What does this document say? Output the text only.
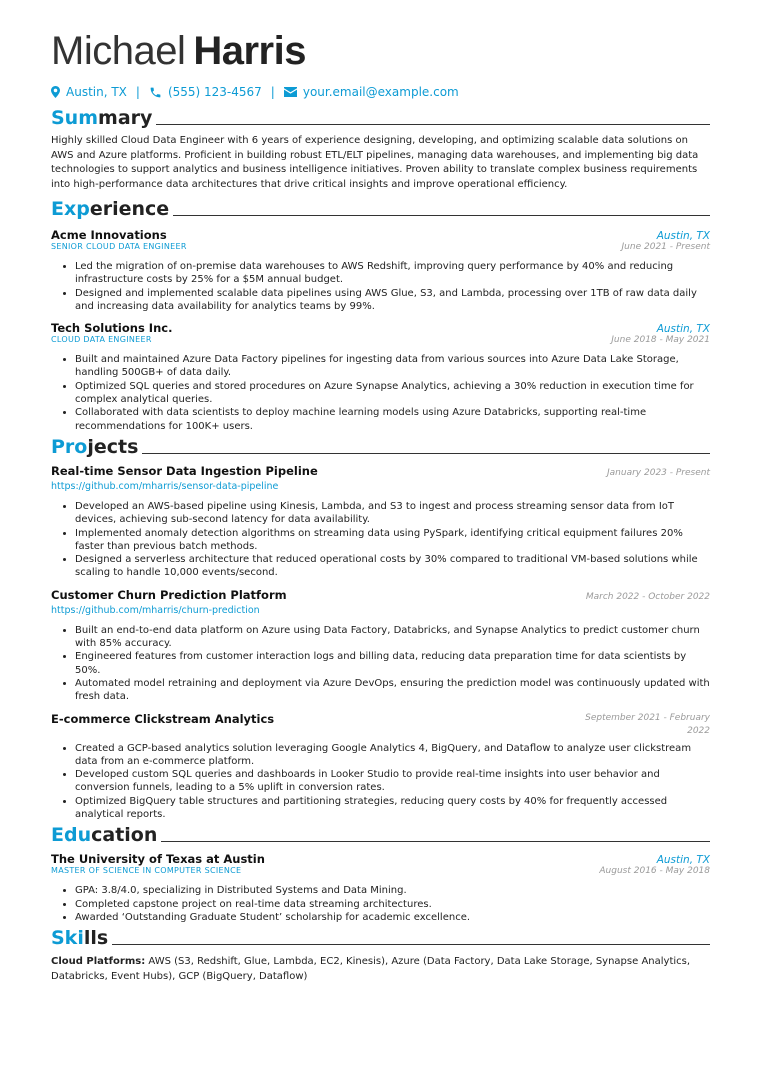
Michael Harris
Austin, TX | (555) 123-4567 | your.email@example.com
Summary
Highly skilled Cloud Data Engineer with 6 years of experience designing, developing, and optimizing scalable data solutions on AWS and Azure platforms. Proficient in building robust ETL/ELT pipelines, managing data warehouses, and implementing big data technologies to support analytics and business intelligence initiatives. Proven ability to translate complex business requirements into high-performance data architectures that drive critical insights and improve operational efficiency.
Experience
Acme Innovations	Austin, TX
SENIOR CLOUD DATA ENGINEER	June 2021 - Present
• Led the migration of on-premise data warehouses to AWS Redshift, improving query performance by 40% and reducing infrastructure costs by 25% for a $5M annual budget.
• Designed and implemented scalable data pipelines using AWS Glue, S3, and Lambda, processing over 1TB of raw data daily and increasing data availability for analytics teams by 99%.
Tech Solutions Inc.	Austin, TX
CLOUD DATA ENGINEER	June 2018 - May 2021
• Built and maintained Azure Data Factory pipelines for ingesting data from various sources into Azure Data Lake Storage, handling 500GB+ of data daily.
• Optimized SQL queries and stored procedures on Azure Synapse Analytics, achieving a 30% reduction in execution time for complex analytical queries.
• Collaborated with data scientists to deploy machine learning models using Azure Databricks, supporting real-time recommendations for 100K+ users.
Projects
Real-time Sensor Data Ingestion Pipeline	January 2023 - Present
https://github.com/mharris/sensor-data-pipeline
• Developed an AWS-based pipeline using Kinesis, Lambda, and S3 to ingest and process streaming sensor data from IoT devices, achieving sub-second latency for data availability.
• Implemented anomaly detection algorithms on streaming data using PySpark, identifying critical equipment failures 20% faster than previous batch methods.
• Designed a serverless architecture that reduced operational costs by 30% compared to traditional VM-based solutions while scaling to handle 10,000 events/second.
Customer Churn Prediction Platform	March 2022 - October 2022
https://github.com/mharris/churn-prediction
• Built an end-to-end data platform on Azure using Data Factory, Databricks, and Synapse Analytics to predict customer churn with 85% accuracy.
• Engineered features from customer interaction logs and billing data, reducing data preparation time for data scientists by 50%.
• Automated model retraining and deployment via Azure DevOps, ensuring the prediction model was continuously updated with fresh data.
E-commerce Clickstream Analytics	September 2021 - February 2022
• Created a GCP-based analytics solution leveraging Google Analytics 4, BigQuery, and Dataflow to analyze user clickstream data from an e-commerce platform.
• Developed custom SQL queries and dashboards in Looker Studio to provide real-time insights into user behavior and conversion funnels, leading to a 5% uplift in conversion rates.
• Optimized BigQuery table structures and partitioning strategies, reducing query costs by 40% for frequently accessed analytical reports.
Education
The University of Texas at Austin	Austin, TX
MASTER OF SCIENCE IN COMPUTER SCIENCE	August 2016 - May 2018
• GPA: 3.8/4.0, specializing in Distributed Systems and Data Mining.
• Completed capstone project on real-time data streaming architectures.
• Awarded ‘Outstanding Graduate Student’ scholarship for academic excellence.
Skills
Cloud Platforms: AWS (S3, Redshift, Glue, Lambda, EC2, Kinesis), Azure (Data Factory, Data Lake Storage, Synapse Analytics, Databricks, Event Hubs), GCP (BigQuery, Dataflow)
